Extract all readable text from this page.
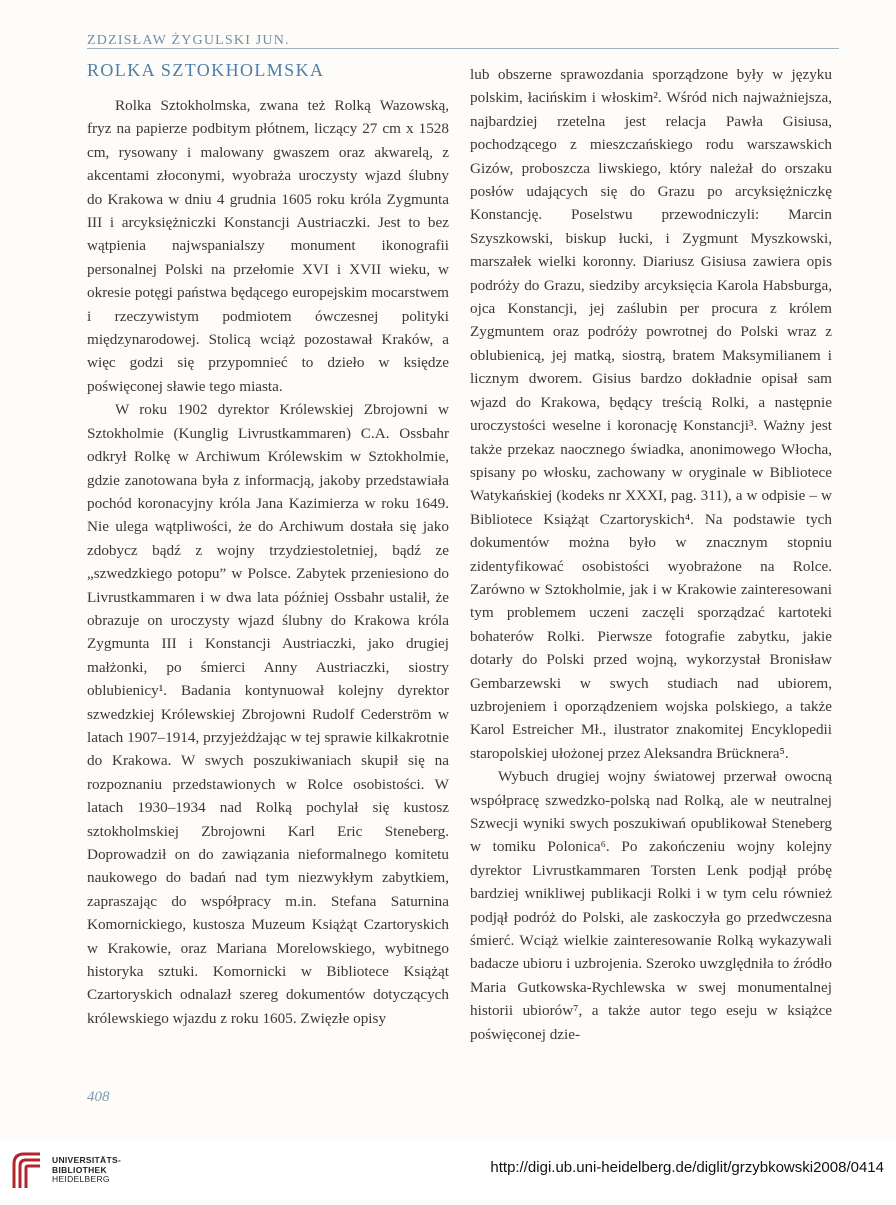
ZDZISŁAW ŻYGULSKI JUN.
ROLKA SZTOKHOLMSKA

Rolka Sztokholmska, zwana też Rolką Wazowską, fryz na papierze podbitym płótnem, liczący 27 cm x 1528 cm, rysowany i malowany gwaszem oraz akwarelą, z akcentami złoconymi, wyobraża uroczysty wjazd ślubny do Krakowa w dniu 4 grudnia 1605 roku króla Zygmunta III i arcyksiężniczki Konstancji Austriaczki. Jest to bez wątpienia najwspanialszy monument ikonografii personalnej Polski na przełomie XVI i XVII wieku, w okresie potęgi państwa będącego europejskim mocarstwem i rzeczywistym podmiotem ówczesnej polityki międzynarodowej. Stolicą wciąż pozostawał Kraków, a więc godzi się przypomnieć to dzieło w księdze poświęconej sławie tego miasta.

W roku 1902 dyrektor Królewskiej Zbrojowni w Sztokholmie (Kunglig Livrustkammaren) C.A. Ossbahr odkrył Rolkę w Archiwum Królewskim w Sztokholmie, gdzie zanotowana była z informacją, jakoby przedstawiała pochód koronacyjny króla Jana Kazimierza w roku 1649. Nie ulega wątpliwości, że do Archiwum dostała się jako zdobycz bądź z wojny trzydziestoletniej, bądź ze „szwedzkiego potopu” w Polsce. Zabytek przeniesiono do Livrustkammaren i w dwa lata później Ossbahr ustalił, że obrazuje on uroczysty wjazd ślubny do Krakowa króla Zygmunta III i Konstancji Austriaczki, jako drugiej małżonki, po śmierci Anny Austriaczki, siostry oblubienicy¹. Badania kontynuował kolejny dyrektor szwedzkiej Królewskiej Zbrojowni Rudolf Cederström w latach 1907–1914, przyjeżdżając w tej sprawie kilkakrotnie do Krakowa. W swych poszukiwaniach skupił się na rozpoznaniu przedstawionych w Rolce osobistości. W latach 1930–1934 nad Rolką pochylał się kustosz sztokholmskiej Zbrojowni Karl Eric Steneberg. Doprowadził on do zawiązania nieformalnego komitetu naukowego do badań nad tym niezwykłym zabytkiem, zapraszając do współpracy m.in. Stefana Saturnina Komornickiego, kustosza Muzeum Książąt Czartoryskich w Krakowie, oraz Mariana Morelowskiego, wybitnego historyka sztuki. Komornicki w Bibliotece Książąt Czartoryskich odnalazł szereg dokumentów dotyczących królewskiego wjazdu z roku 1605. Zwięzłe opisy

lub obszerne sprawozdania sporządzone były w języku polskim, łacińskim i włoskim². Wśród nich najważniejsza, najbardziej rzetelna jest relacja Pawła Gisiusa, pochodzącego z mieszczańskiego rodu warszawskich Gizów, proboszcza liwskiego, który należał do orszaku posłów udających się do Grazu po arcyksiężniczkę Konstancję. Poselstwu przewodniczyli: Marcin Szyszkowski, biskup łucki, i Zygmunt Myszkowski, marszałek wielki koronny. Diariusz Gisiusa zawiera opis podróży do Grazu, siedziby arcyksięcia Karola Habsburga, ojca Konstancji, jej zaślubin per procura z królem Zygmuntem oraz podróży powrotnej do Polski wraz z oblubienicą, jej matką, siostrą, bratem Maksymilianem i licznym dworem. Gisius bardzo dokładnie opisał sam wjazd do Krakowa, będący treścią Rolki, a następnie uroczystości weselne i koronację Konstancji³. Ważny jest także przekaz naocznego świadka, anonimowego Włocha, spisany po włosku, zachowany w oryginale w Bibliotece Watykańskiej (kodeks nr XXXI, pag. 311), a w odpisie – w Bibliotece Książąt Czartoryskich⁴. Na podstawie tych dokumentów można było w znacznym stopniu zidentyfikować osobistości wyobrażone na Rolce. Zarówno w Sztokholmie, jak i w Krakowie zainteresowani tym problemem uczeni zaczęli sporządzać kartoteki bohaterów Rolki. Pierwsze fotografie zabytku, jakie dotarły do Polski przed wojną, wykorzystał Bronisław Gembarzewski w swych studiach nad ubiorem, uzbrojeniem i oporządzeniem wojska polskiego, a także Karol Estreicher Mł., ilustrator znakomitej Encyklopedii staropolskiej ułożonej przez Aleksandra Brücknera⁵.

Wybuch drugiej wojny światowej przerwał owocną współpracę szwedzko-polską nad Rolką, ale w neutralnej Szwecji wyniki swych poszukiwań opublikował Steneberg w tomiku Polonica⁶. Po zakończeniu wojny kolejny dyrektor Livrustkammaren Torsten Lenk podjął próbę bardziej wnikliwej publikacji Rolki i w tym celu również podjął podróż do Polski, ale zaskoczyła go przedwczesna śmierć. Wciąż wielkie zainteresowanie Rolką wykazywali badacze ubioru i uzbrojenia. Szeroko uwzględniła to źródło Maria Gutkowska-Rychlewska w swej monumentalnej historii ubiorów⁷, a także autor tego eseju w książce poświęconej dzie-

408
UNIVERSITÄTS-
BIBLIOTHEK
HEIDELBERG
http://digi.ub.uni-heidelberg.de/diglit/grzybkowski2008/0414
